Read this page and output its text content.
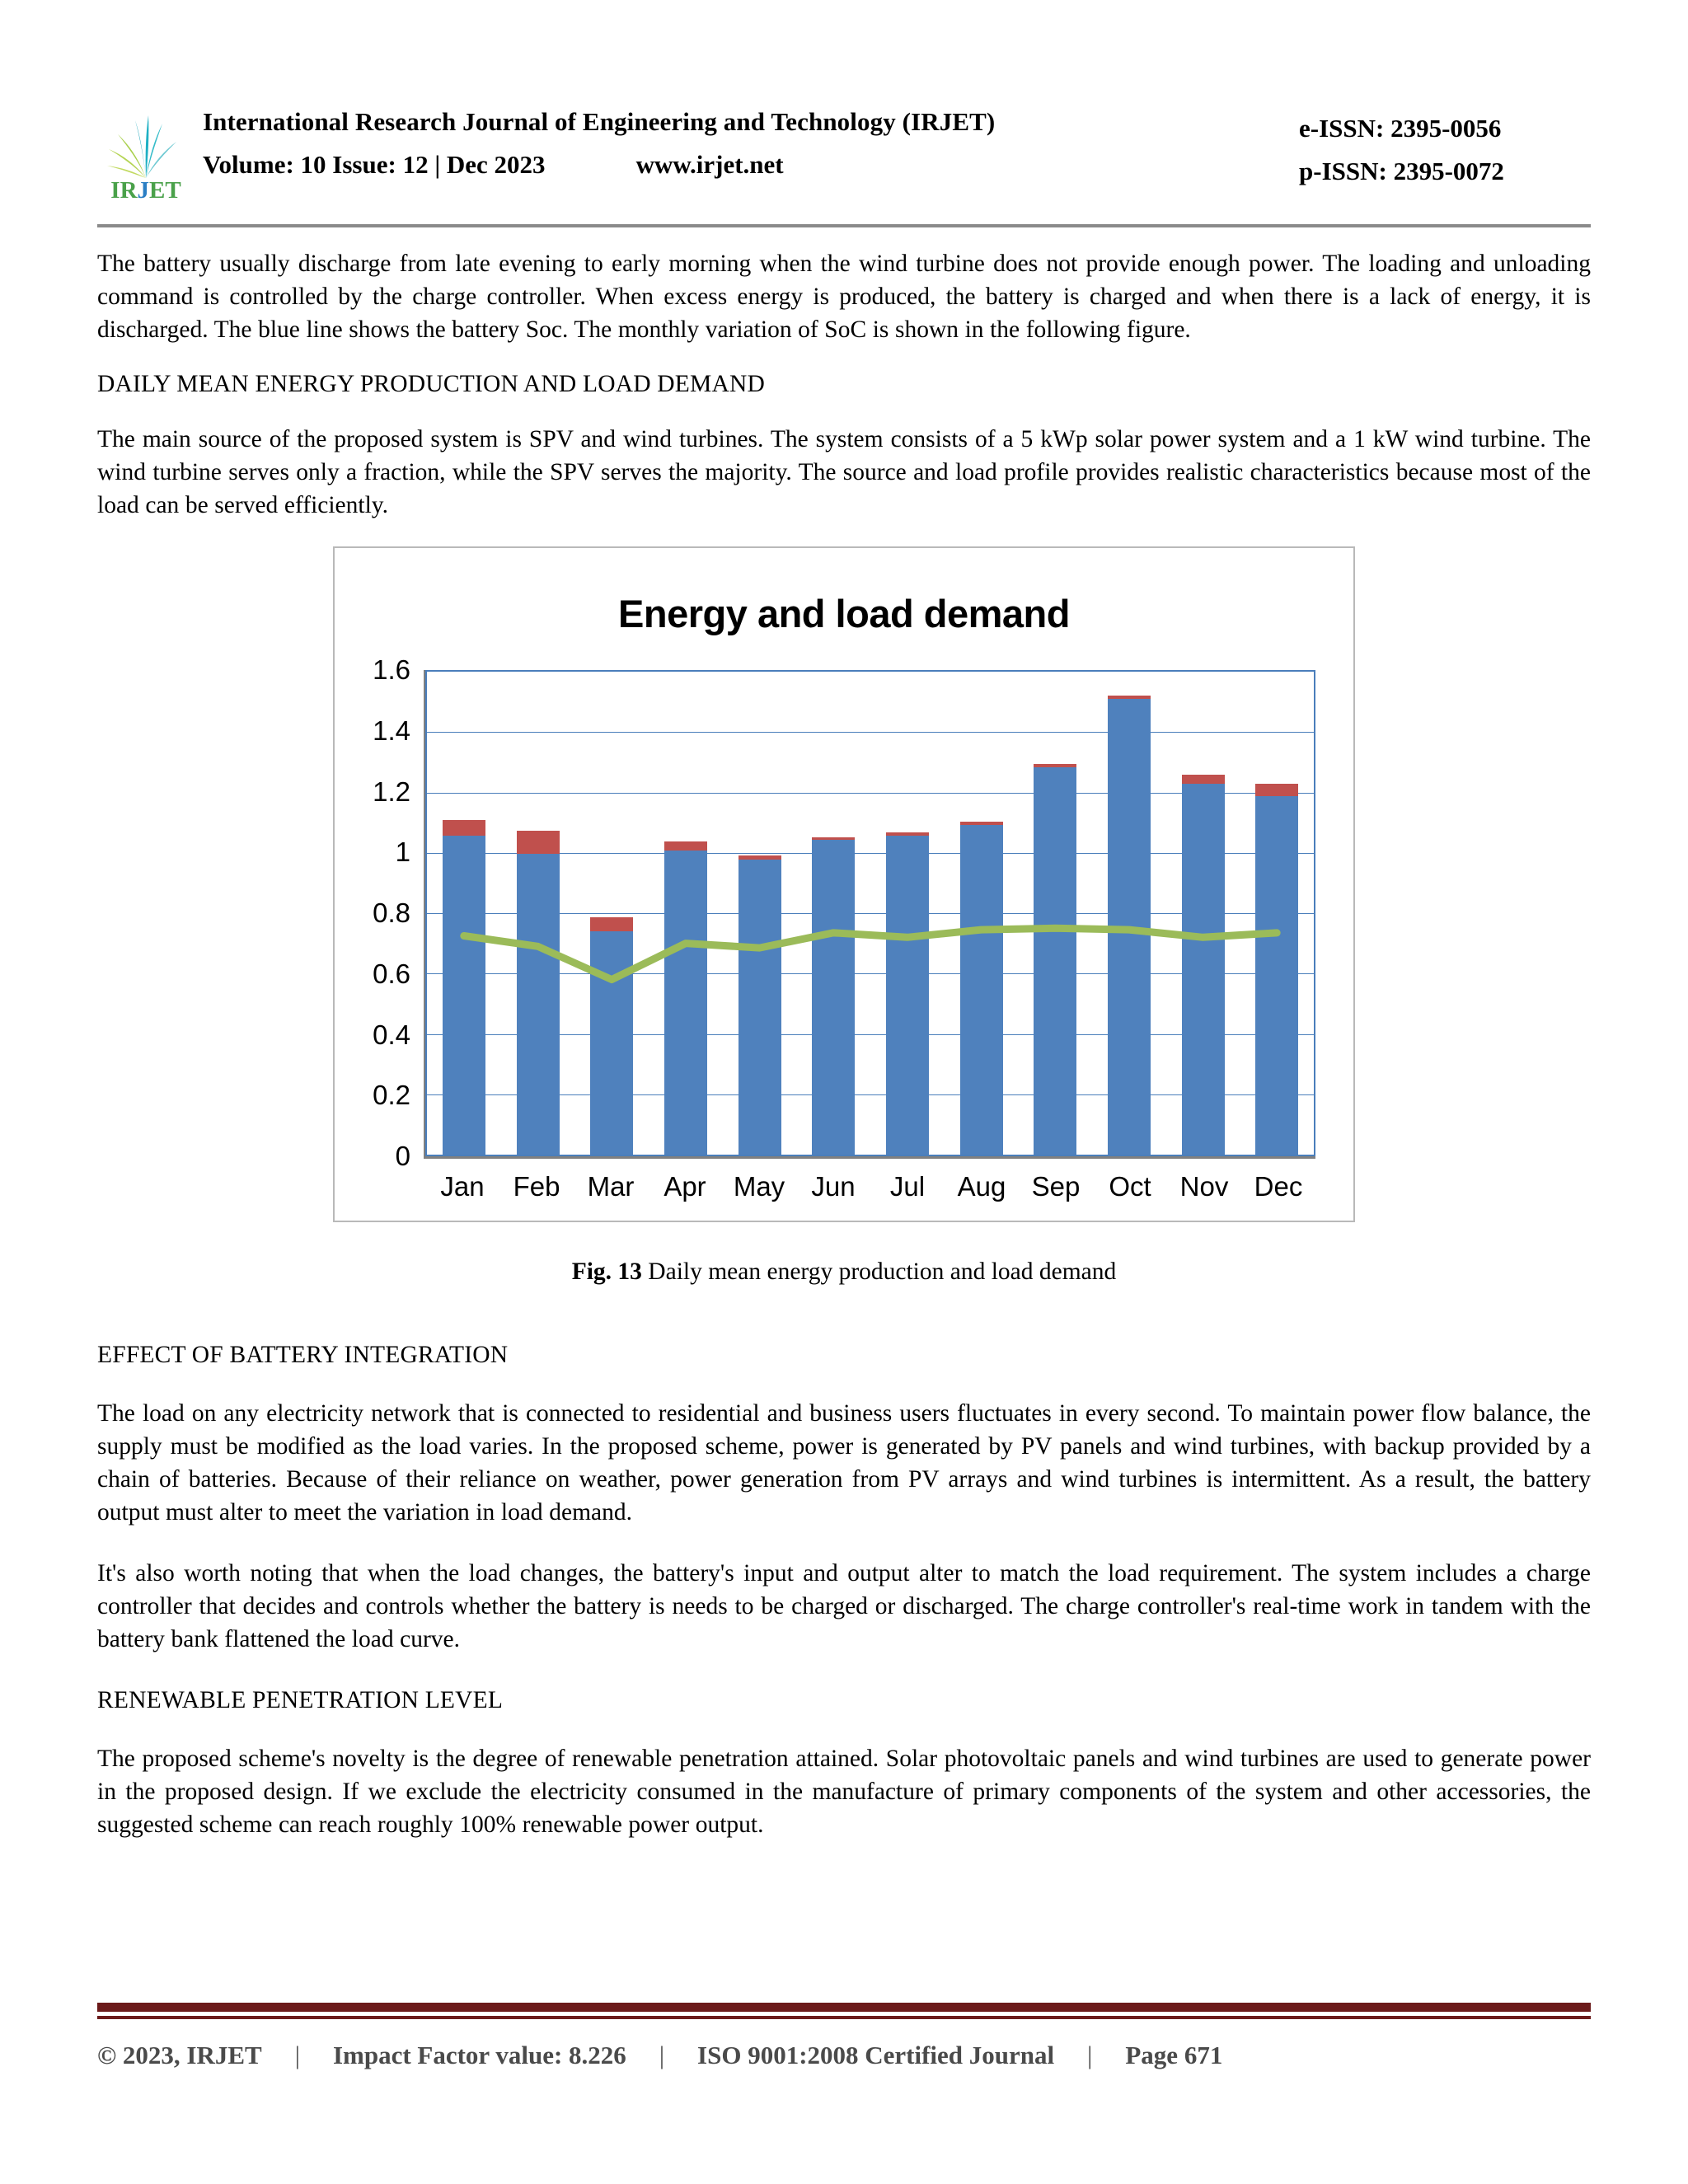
IRJET
International Research Journal of Engineering and Technology (IRJET)
Volume: 10 Issue: 12 | Dec 2023	www.irjet.net
e-ISSN: 2395-0056
p-ISSN: 2395-0072

The battery usually discharge from late evening to early morning when the wind turbine does not provide enough power. The loading and unloading command is controlled by the charge controller. When excess energy is produced, the battery is charged and when there is a lack of energy, it is discharged. The blue line shows the battery Soc. The monthly variation of SoC is shown in the following figure.

DAILY MEAN ENERGY PRODUCTION AND LOAD DEMAND

The main source of the proposed system is SPV and wind turbines. The system consists of a 5 kWp solar power system and a 1 kW wind turbine. The wind turbine serves only a fraction, while the SPV serves the majority. The source and load profile provides realistic characteristics because most of the load can be served efficiently.

Energy and load demand
1.6
1.4
1.2
1
0.8
0.6
0.4
0.2
0
Jan	Feb	Mar	Apr	May Jun	Jul	Aug Sep	Oct	Nov Dec
Fig. 13 Daily mean energy production and load demand
EFFECT OF BATTERY INTEGRATION

The load on any electricity network that is connected to residential and business users fluctuates in every second. To maintain power flow balance, the supply must be modified as the load varies. In the proposed scheme, power is generated by PV panels and wind turbines, with backup provided by a chain of batteries. Because of their reliance on weather, power generation from PV arrays and wind turbines is intermittent. As a result, the battery output must alter to meet the variation in load demand.

It's also worth noting that when the load changes, the battery's input and output alter to match the load requirement. The system includes a charge controller that decides and controls whether the battery is needs to be charged or discharged. The charge controller's real-time work in tandem with the battery bank flattened the load curve.

RENEWABLE PENETRATION LEVEL

The proposed scheme's novelty is the degree of renewable penetration attained. Solar photovoltaic panels and wind turbines are used to generate power in the proposed design. If we exclude the electricity consumed in the manufacture of primary components of the system and other accessories, the suggested scheme can reach roughly 100% renewable power output.

© 2023, IRJET | Impact Factor value: 8.226 | ISO 9001:2008 Certified Journal | Page 671
